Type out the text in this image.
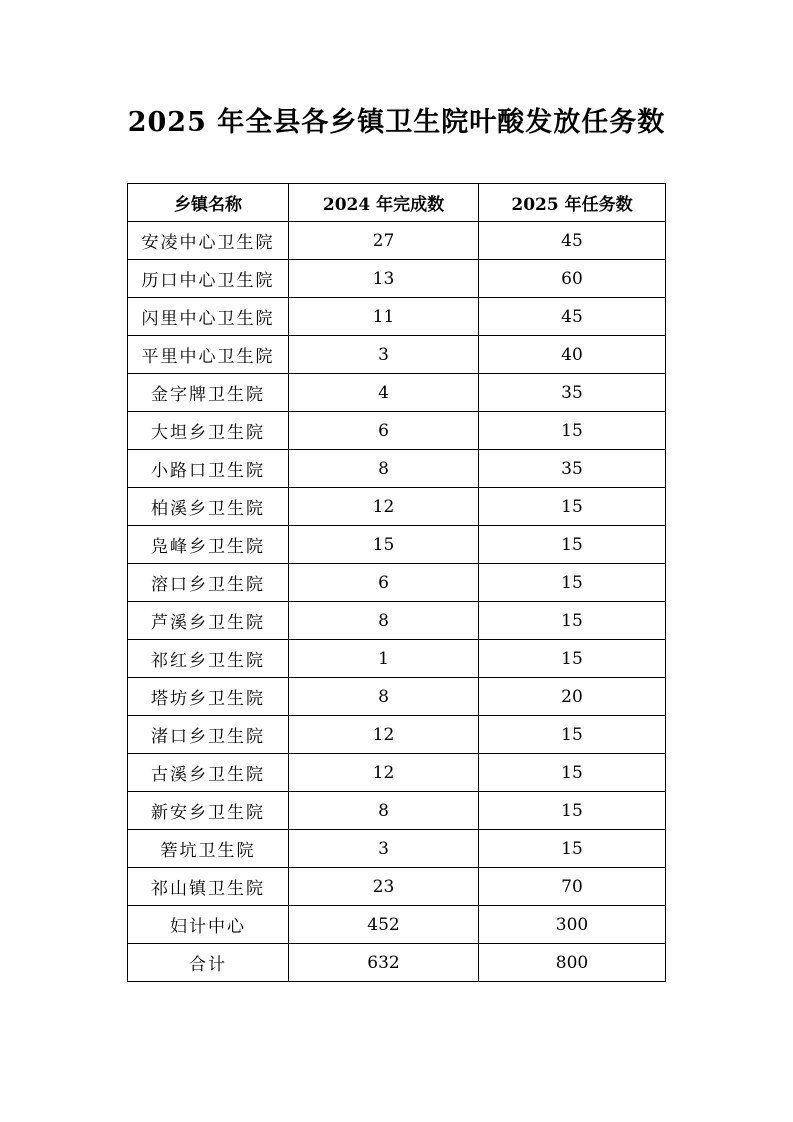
2025 年全县各乡镇卫生院叶酸发放任务数
乡镇名称	2024 年完成数	2025 年任务数
安凌中心卫生院	27	45
历口中心卫生院	13	60
闪里中心卫生院	11	45
平里中心卫生院	3	40
金字牌卫生院	4	35
大坦乡卫生院	6	15
小路口卫生院	8	35
柏溪乡卫生院	12	15
凫峰乡卫生院	15	15
溶口乡卫生院	6	15
芦溪乡卫生院	8	15
祁红乡卫生院	1	15
塔坊乡卫生院	8	20
渚口乡卫生院	12	15
古溪乡卫生院	12	15
新安乡卫生院	8	15
箬坑卫生院	3	15
祁山镇卫生院	23	70
妇计中心	452	300
合计	632	800
